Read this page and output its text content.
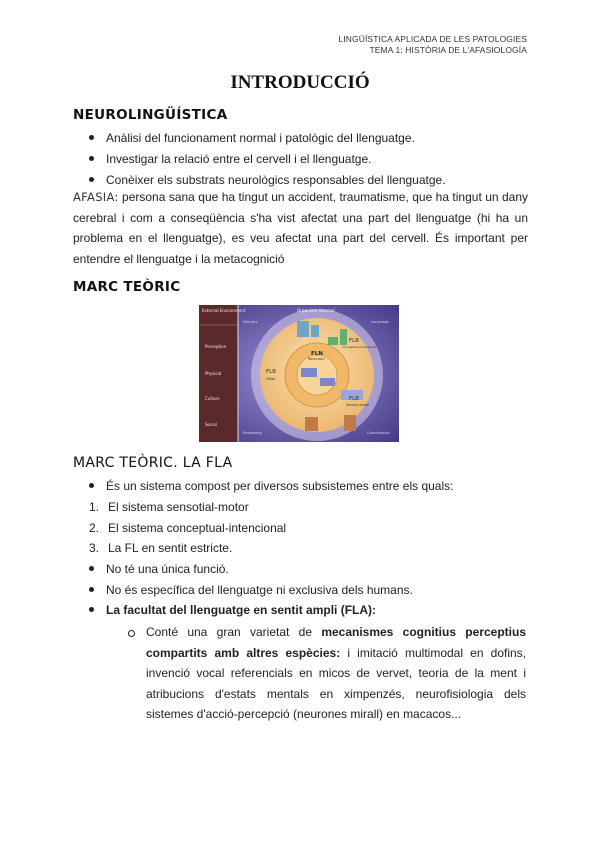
LINGÜÍSTICA APLICADA DE LES PATOLOGIES
TEMA 1: HISTÒRIA DE L'AFASIOLOGÍA
INTRODUCCIÓ
NEUROLINGÜÍSTICA
Anàlisi del funcionament normal i patològic del llenguatge.
Investigar la relació entre el cervell i el llenguatge.
Conèixer els substrats neurològics responsables del llenguatge.
AFASIA: persona sana que ha tingut un accident, traumatisme, que ha tingut un dany cerebral i com a conseqüència s'ha vist afectat una part del llenguatge (hi ha un problema en el llenguatge), es veu afectat una part del cervell. És important per entendre el llenguatge i la metacognició
MARC TEÒRIC
External Environment
Perception
Physical
Culture
Social
Organism internal
Memory	Language
Reasoning	Coordination
FLN
Recursion
FLB
Other
FLB
Conceptual-intentional
FLB
Sensory-motor
MARC TEÒRIC. LA FLA
És un sistema compost per diversos subsistemes entre els quals:
1. El sistema sensotial-motor
2. El sistema conceptual-intencional
3. La FL en sentit estricte.
No té una única funció.
No és específica del llenguatge ni exclusiva dels humans.
La facultat del llenguatge en sentit ampli (FLA):
Conté una gran varietat de mecanismes cognitius perceptius compartits amb altres espècies: i imitació multimodal en dofins, invenció vocal referencials en micos de vervet, teoria de la ment i atribucions d'estats mentals en ximpenzés, neurofisiologia dels sistemes d'acció-percepció (neurones mirall) en macacos...
